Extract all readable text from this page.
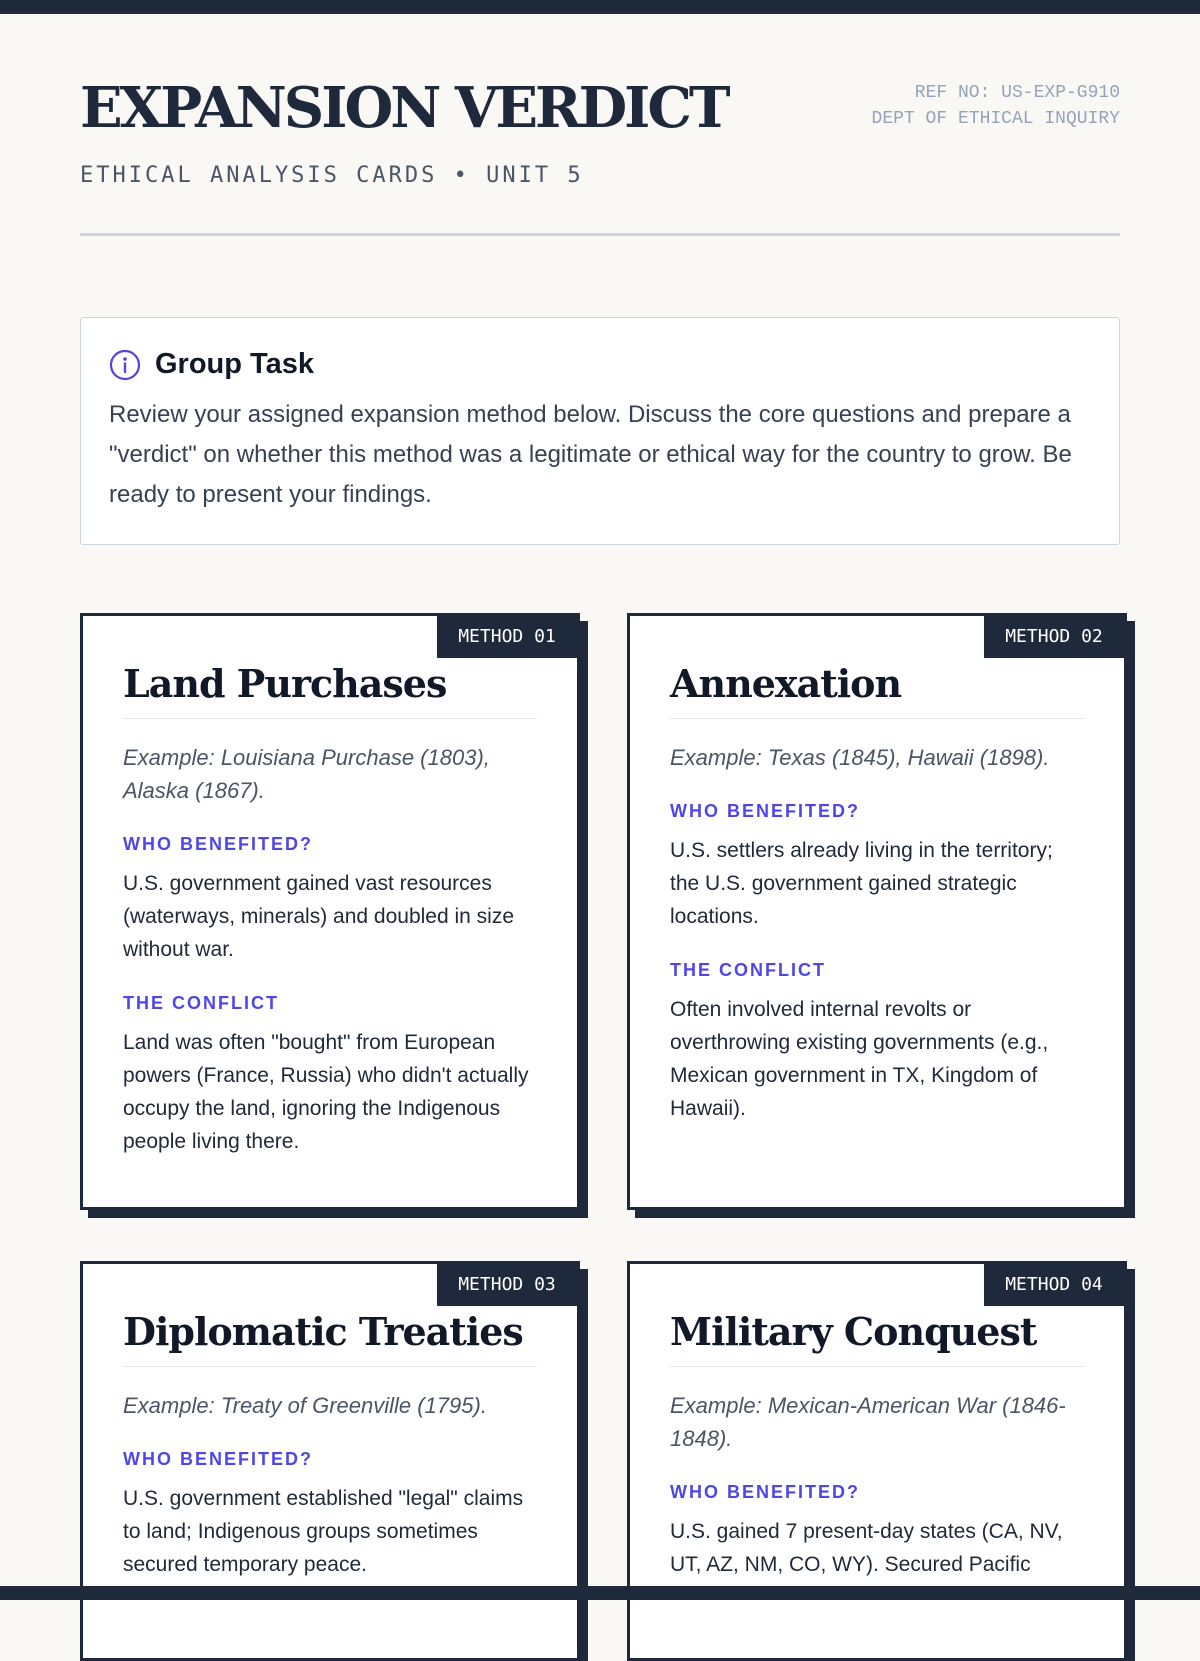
EXPANSION VERDICT
ETHICAL ANALYSIS CARDS • UNIT 5
REF NO: US-EXP-G910
DEPT OF ETHICAL INQUIRY
Group Task
Review your assigned expansion method below. Discuss the core questions and prepare a "verdict" on whether this method was a legitimate or ethical way for the country to grow. Be ready to present your findings.
METHOD 01
Land Purchases
Example: Louisiana Purchase (1803), Alaska (1867).
WHO BENEFITED?
U.S. government gained vast resources (waterways, minerals) and doubled in size without war.
THE CONFLICT
Land was often "bought" from European powers (France, Russia) who didn't actually occupy the land, ignoring the Indigenous people living there.
METHOD 02
Annexation
Example: Texas (1845), Hawaii (1898).
WHO BENEFITED?
U.S. settlers already living in the territory; the U.S. government gained strategic locations.
THE CONFLICT
Often involved internal revolts or overthrowing existing governments (e.g., Mexican government in TX, Kingdom of Hawaii).
METHOD 03
Diplomatic Treaties
Example: Treaty of Greenville (1795).
WHO BENEFITED?
U.S. government established "legal" claims to land; Indigenous groups sometimes secured temporary peace.
METHOD 04
Military Conquest
Example: Mexican-American War (1846-1848).
WHO BENEFITED?
U.S. gained 7 present-day states (CA, NV, UT, AZ, NM, CO, WY). Secured Pacific
